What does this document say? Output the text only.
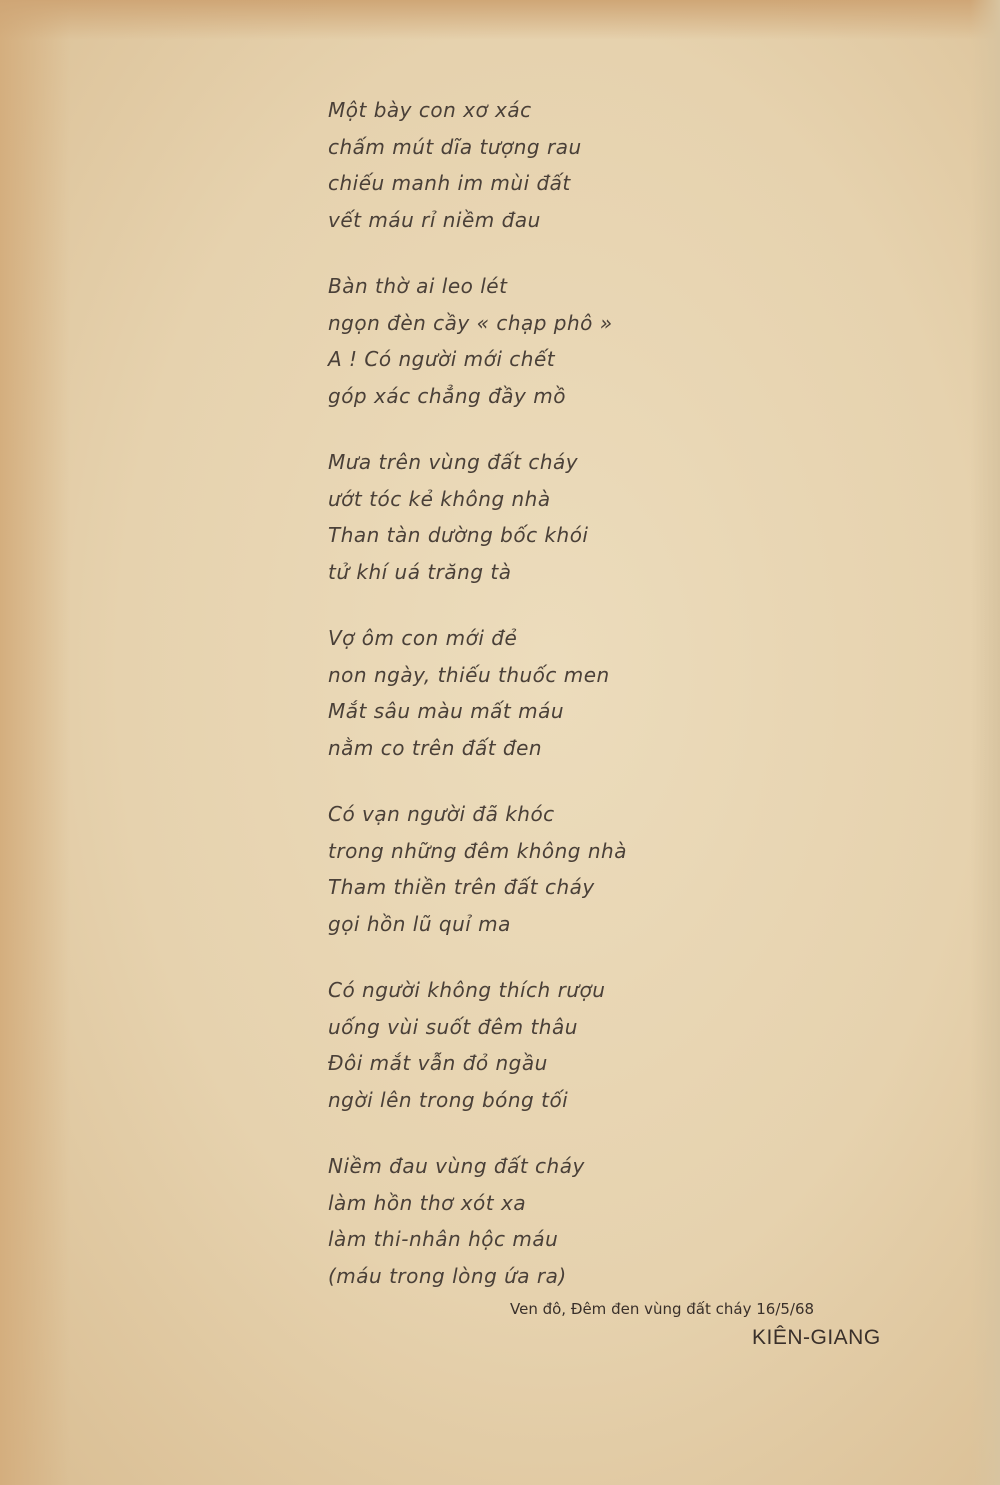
Một bày con xơ xác
chấm mút dĩa tượng rau
chiếu manh im mùi đất
vết máu rỉ niềm đau
Bàn thờ ai leo lét
ngọn đèn cầy « chạp phô »
A ! Có người mới chết
góp xác chẳng đầy mồ
Mưa trên vùng đất cháy
ướt tóc kẻ không nhà
Than tàn dường bốc khói
tử khí uá trăng tà
Vợ ôm con mới đẻ
non ngày, thiếu thuốc men
Mắt sâu màu mất máu
nằm co trên đất đen
Có vạn người đã khóc
trong những đêm không nhà
Tham thiền trên đất cháy
gọi hồn lũ quỉ ma
Có người không thích rượu
uống vùi suốt đêm thâu
Đôi mắt vẫn đỏ ngầu
ngời lên trong bóng tối
Niềm đau vùng đất cháy
làm hồn thơ xót xa
làm thi-nhân hộc máu
(máu trong lòng ứa ra)
Ven đô, Đêm đen vùng đất cháy 16/5/68
KIÊN-GIANG
